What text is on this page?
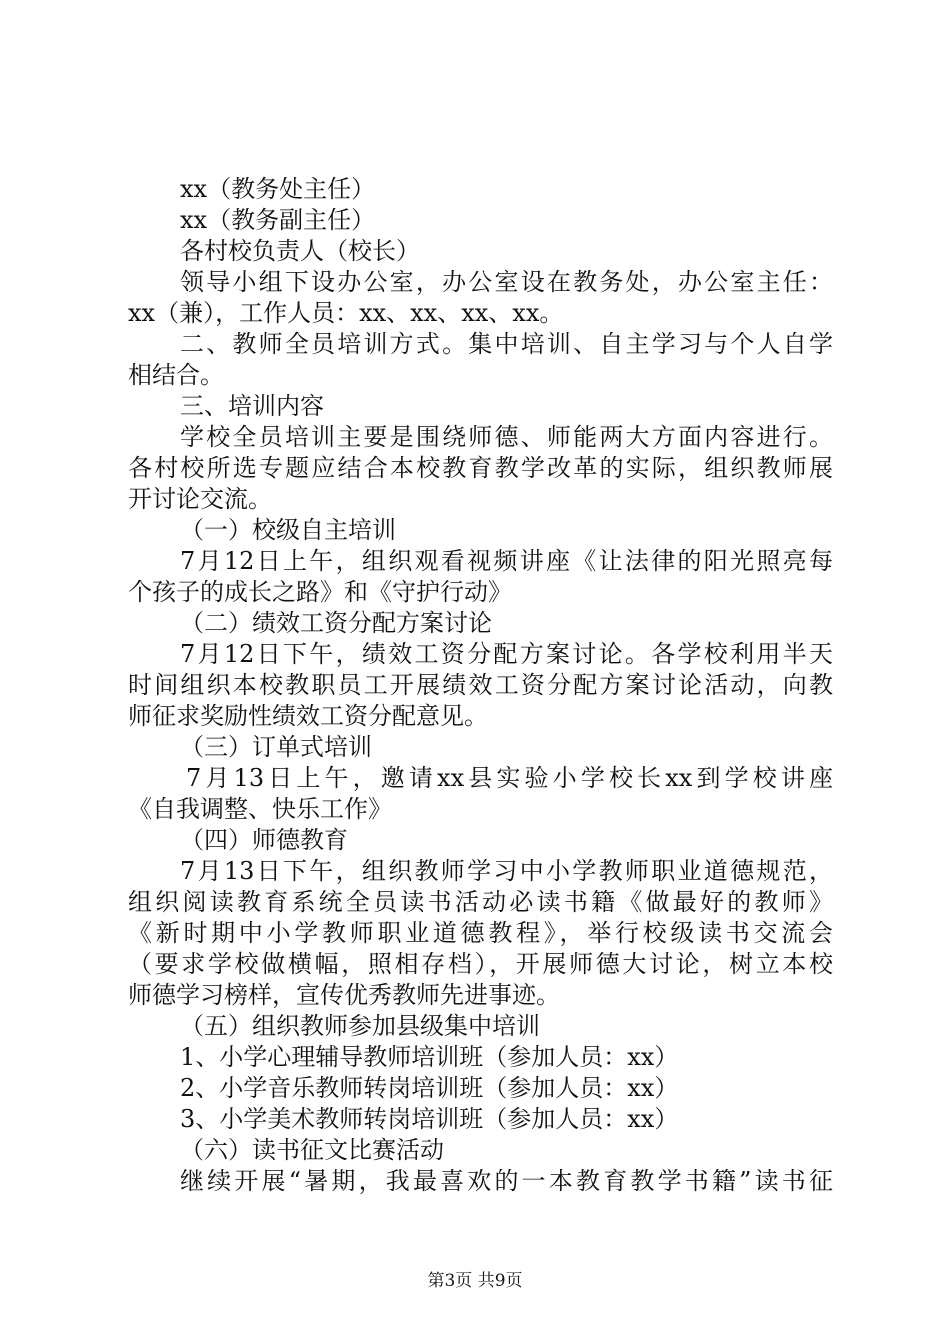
xx（教务处主任）
xx（教务副主任）
各村校负责人（校长）
领导小组下设办公室，办公室设在教务处，办公室主任：
xx（兼），工作人员：xx、xx、xx、xx。
二、教师全员培训方式。集中培训、自主学习与个人自学
相结合。
三、培训内容
学校全员培训主要是围绕师德、师能两大方面内容进行。
各村校所选专题应结合本校教育教学改革的实际，组织教师展
开讨论交流。
（一）校级自主培训
7月12日上午，组织观看视频讲座《让法律的阳光照亮每
个孩子的成长之路》和《守护行动》
（二）绩效工资分配方案讨论
7月12日下午，绩效工资分配方案讨论。各学校利用半天
时间组织本校教职员工开展绩效工资分配方案讨论活动，向教
师征求奖励性绩效工资分配意见。
（三）订单式培训
7月13日上午，邀请xx县实验小学校长xx到学校讲座
《自我调整、快乐工作》
（四）师德教育
7月13日下午，组织教师学习中小学教师职业道德规范，
组织阅读教育系统全员读书活动必读书籍《做最好的教师》
《新时期中小学教师职业道德教程》，举行校级读书交流会
（要求学校做横幅，照相存档），开展师德大讨论，树立本校
师德学习榜样，宣传优秀教师先进事迹。
（五）组织教师参加县级集中培训
1、小学心理辅导教师培训班（参加人员：xx）
2、小学音乐教师转岗培训班（参加人员：xx）
3、小学美术教师转岗培训班（参加人员：xx）
（六）读书征文比赛活动
继续开展“暑期，我最喜欢的一本教育教学书籍”读书征
第3页 共9页
